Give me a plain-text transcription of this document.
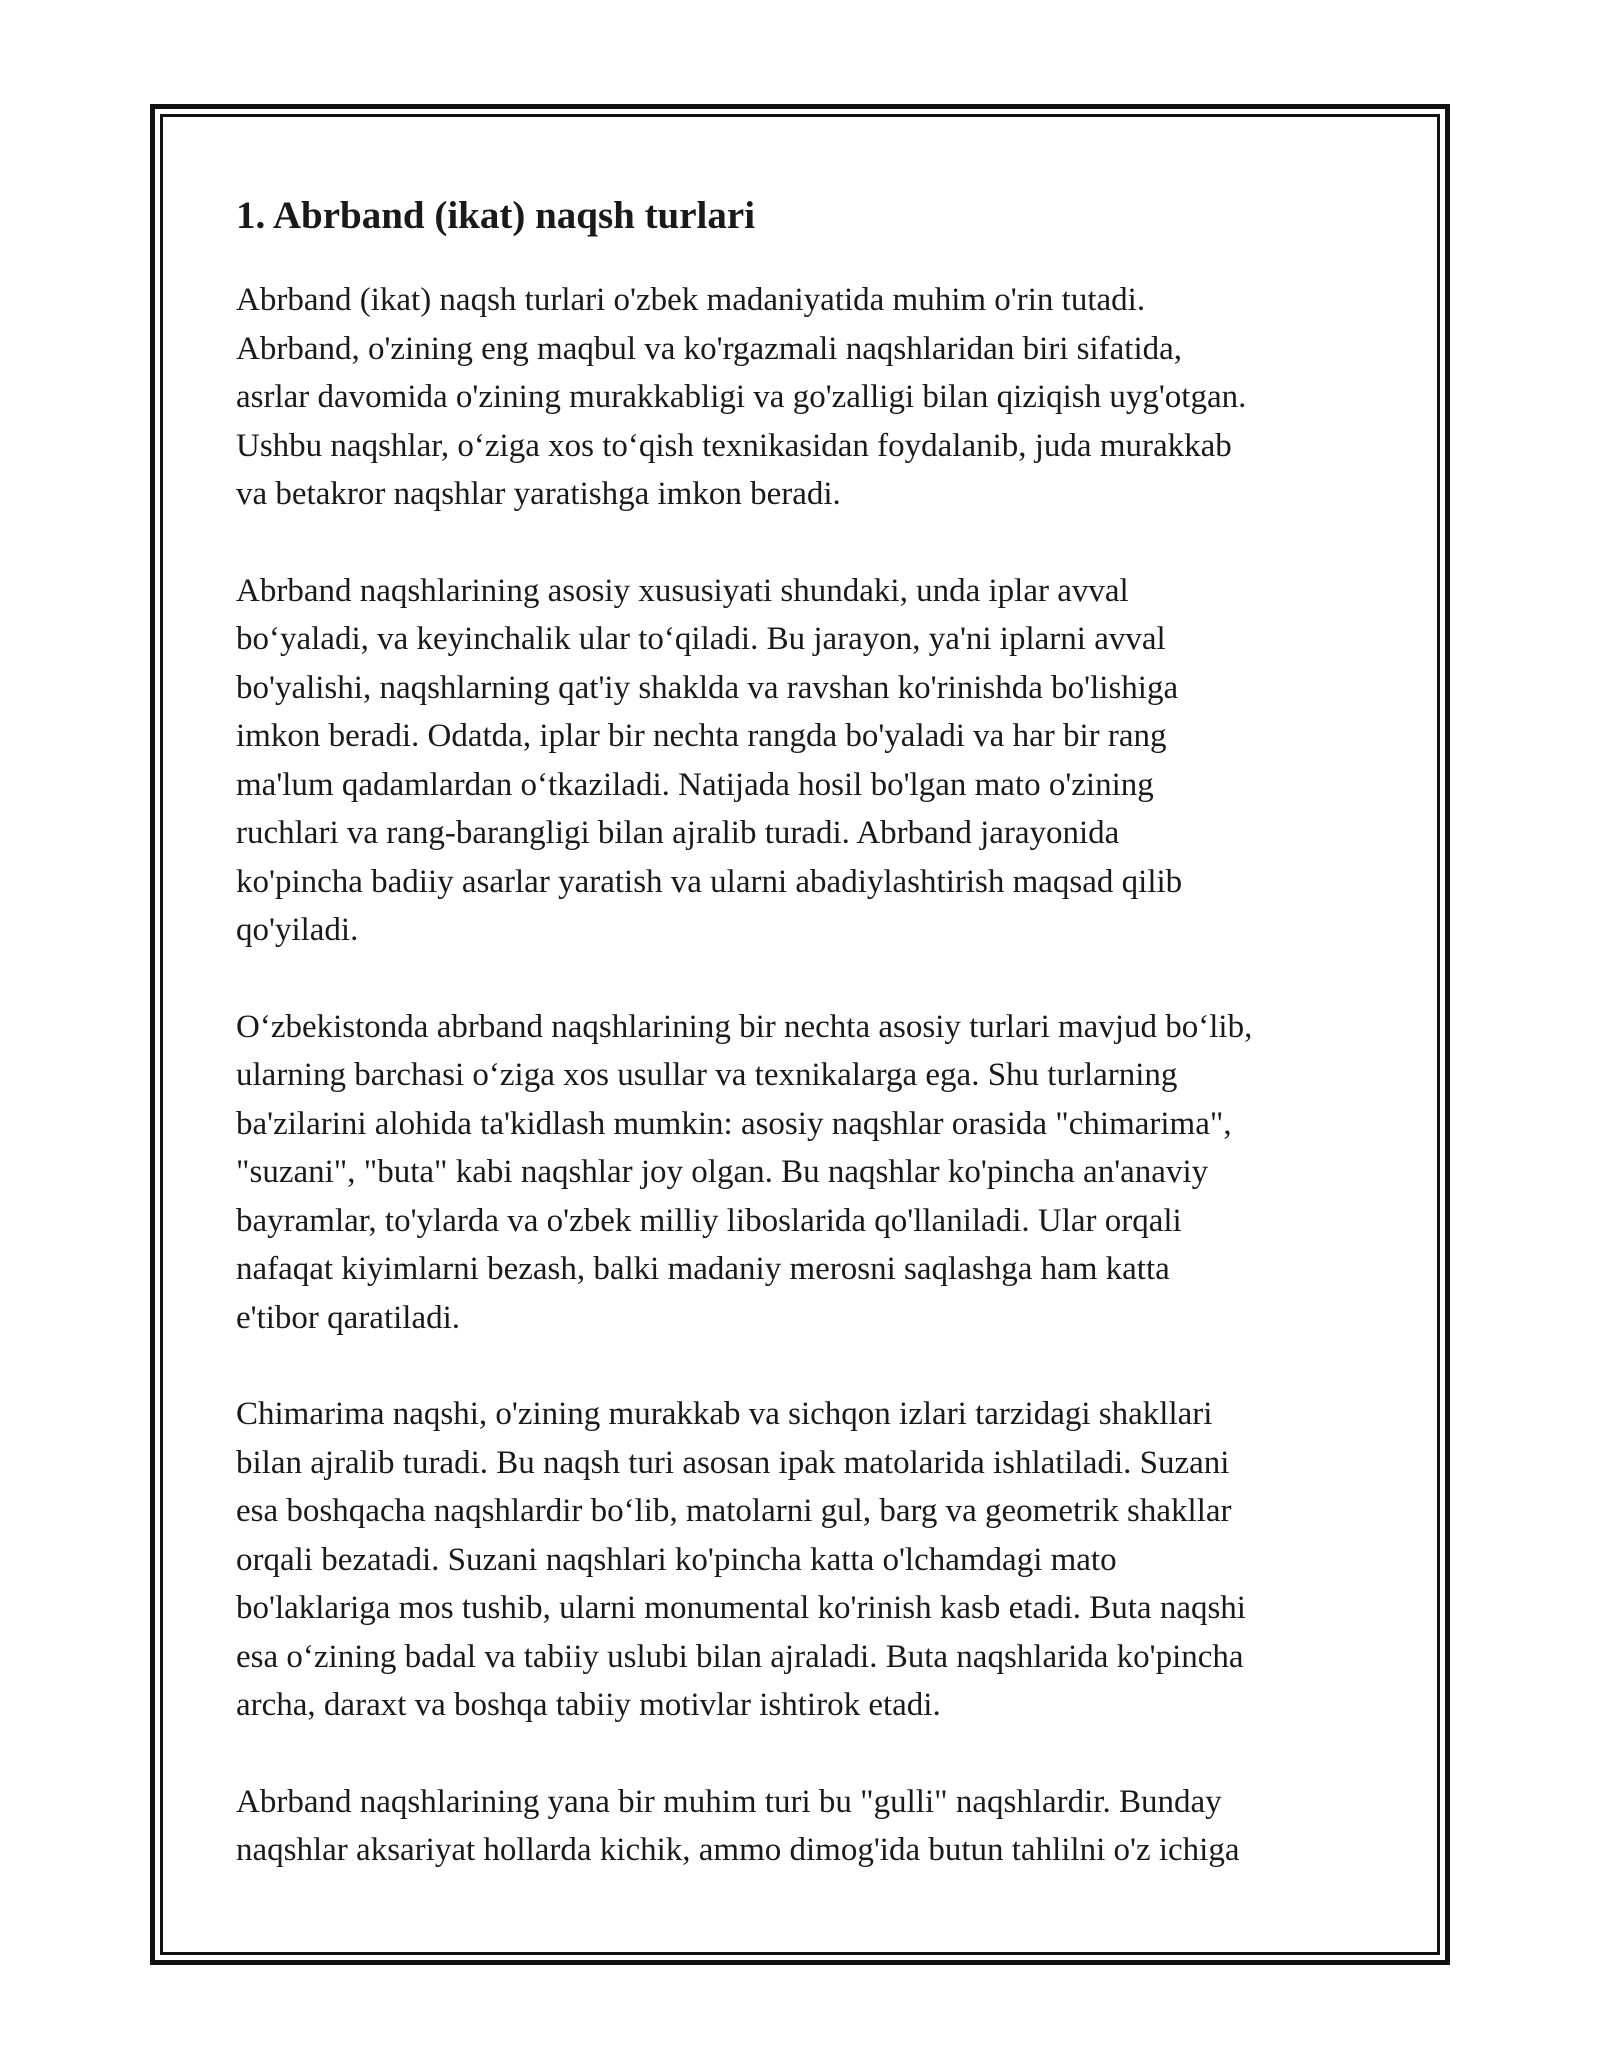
1. Abrband (ikat) naqsh turlari

Abrband (ikat) naqsh turlari o'zbek madaniyatida muhim o'rin tutadi.
Abrband, o'zining eng maqbul va ko'rgazmali naqshlaridan biri sifatida,
asrlar davomida o'zining murakkabligi va go'zalligi bilan qiziqish uyg'otgan.
Ushbu naqshlar, o‘ziga xos to‘qish texnikasidan foydalanib, juda murakkab
va betakror naqshlar yaratishga imkon beradi.

Abrband naqshlarining asosiy xususiyati shundaki, unda iplar avval
bo‘yaladi, va keyinchalik ular to‘qiladi. Bu jarayon, ya'ni iplarni avval
bo'yalishi, naqshlarning qat'iy shaklda va ravshan ko'rinishda bo'lishiga
imkon beradi. Odatda, iplar bir nechta rangda bo'yaladi va har bir rang
ma'lum qadamlardan o‘tkaziladi. Natijada hosil bo'lgan mato o'zining
ruchlari va rang-barangligi bilan ajralib turadi. Abrband jarayonida
ko'pincha badiiy asarlar yaratish va ularni abadiylashtirish maqsad qilib
qo'yiladi.

O‘zbekistonda abrband naqshlarining bir nechta asosiy turlari mavjud bo‘lib,
ularning barchasi o‘ziga xos usullar va texnikalarga ega. Shu turlarning
ba'zilarini alohida ta'kidlash mumkin: asosiy naqshlar orasida "chimarima",
"suzani", "buta" kabi naqshlar joy olgan. Bu naqshlar ko'pincha an'anaviy
bayramlar, to'ylarda va o'zbek milliy liboslarida qo'llaniladi. Ular orqali
nafaqat kiyimlarni bezash, balki madaniy merosni saqlashga ham katta
e'tibor qaratiladi.

Chimarima naqshi, o'zining murakkab va sichqon izlari tarzidagi shakllari
bilan ajralib turadi. Bu naqsh turi asosan ipak matolarida ishlatiladi. Suzani
esa boshqacha naqshlardir bo‘lib, matolarni gul, barg va geometrik shakllar
orqali bezatadi. Suzani naqshlari ko'pincha katta o'lchamdagi mato
bo'laklariga mos tushib, ularni monumental ko'rinish kasb etadi. Buta naqshi
esa o‘zining badal va tabiiy uslubi bilan ajraladi. Buta naqshlarida ko'pincha
archa, daraxt va boshqa tabiiy motivlar ishtirok etadi.

Abrband naqshlarining yana bir muhim turi bu "gulli" naqshlardir. Bunday
naqshlar aksariyat hollarda kichik, ammo dimog'ida butun tahlilni o'z ichiga
